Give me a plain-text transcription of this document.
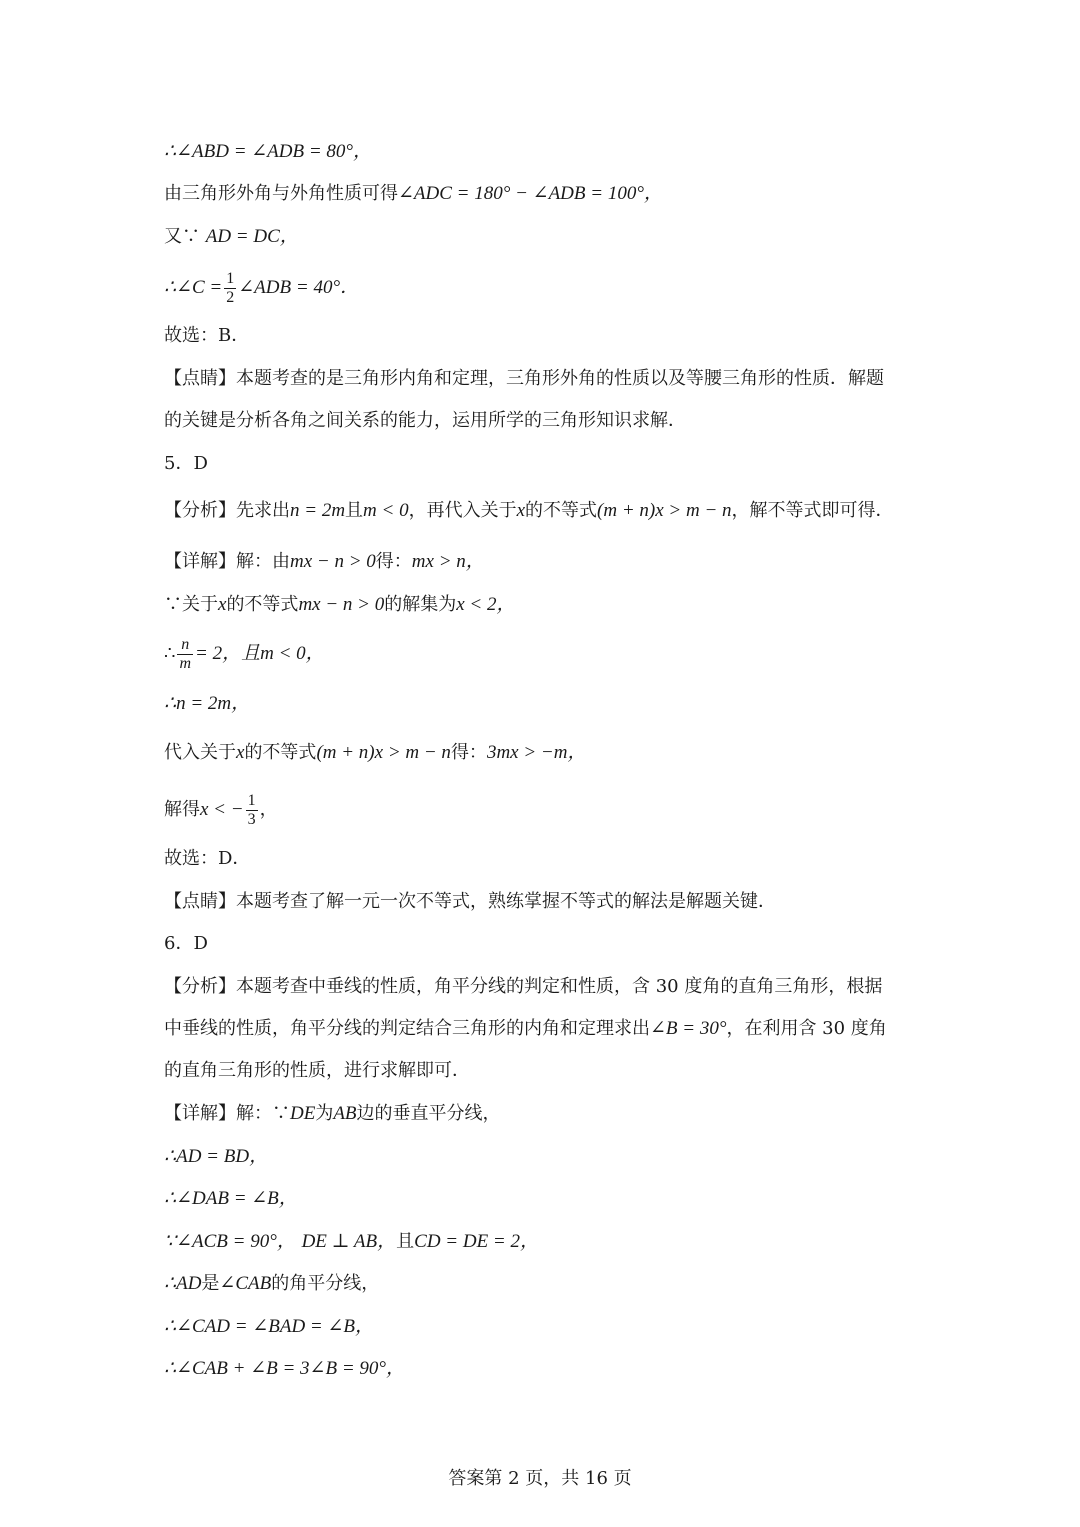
∴∠ABD = ∠ADB = 80°，
由三角形外角与外角性质可得∠ADC = 180° − ∠ADB = 100°，
又∵ AD = DC，
∴∠C = $\frac{1}{2}$ ∠ADB = 40°．
故选：B．
【点睛】本题考查的是三角形内角和定理，三角形外角的性质以及等腰三角形的性质．解题
的关键是分析各角之间关系的能力，运用所学的三角形知识求解．
5．D
【分析】先求出n = 2m且m < 0，再代入关于x的不等式(m + n)x > m − n，解不等式即可得．
【详解】解：由mx − n > 0得：mx > n，
∵关于x的不等式mx − n > 0的解集为x < 2，
∴ $\frac{n}{m} = 2$，且m < 0，
∴n = 2m，
代入关于x的不等式(m + n)x > m − n得：3mx > −m，
解得x < − $\frac{1}{3}$ ，
故选：D．
【点睛】本题考查了解一元一次不等式，熟练掌握不等式的解法是解题关键．
6．D
【分析】本题考查中垂线的性质，角平分线的判定和性质，含 30 度角的直角三角形，根据
中垂线的性质，角平分线的判定结合三角形的内角和定理求出∠B = 30°，在利用含 30 度角
的直角三角形的性质，进行求解即可．
【详解】解：∵DE为AB边的垂直平分线，
∴AD = BD，
∴∠DAB = ∠B，
∵∠ACB = 90°， DE ⊥ AB，且CD = DE = 2，
∴AD是∠CAB的角平分线，
∴∠CAD = ∠BAD = ∠B，
∴∠CAB + ∠B = 3∠B = 90°，
答案第 2 页，共 16 页
